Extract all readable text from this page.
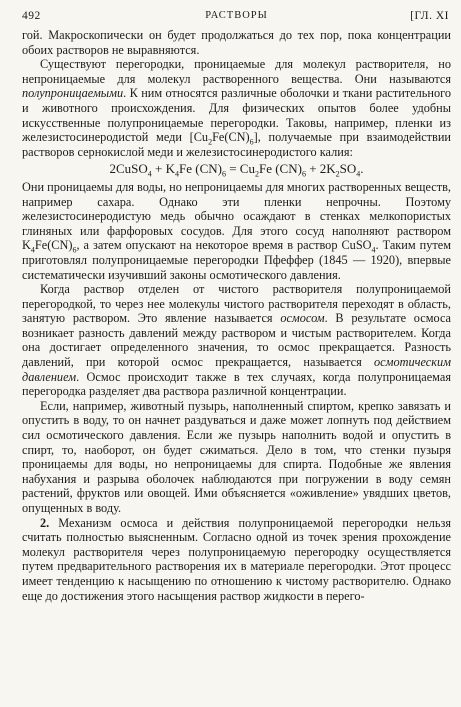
492	РАСТВОРЫ	[ГЛ. XI

гой. Макроскопически он будет продолжаться до тех пор, пока концентрации обоих растворов не выравняются.

Существуют перегородки, проницаемые для молекул растворителя, но непроницаемые для молекул растворенного вещества. Они называются полупроницаемыми. К ним относятся различные оболочки и ткани растительного и животного происхождения. Для физических опытов более удобны искусственные полупроницаемые перегородки. Таковы, например, пленки из железистосинеродистой меди $[Cu_2Fe(CN)_6]$, получаемые при взаимодействии растворов сернокислой меди и железистосинеродистого калия:

2CuSO$_4$ + $K_4Fe$ $(CN)_6 = Cu_2Fe$ $(CN)_6 + 2K_2SO_4$.

Они проницаемы для воды, но непроницаемы для многих растворенных веществ, например сахара. Однако эти пленки непрочны. Поэтому железистосинеродистую медь обычно осаждают в стенках мелкопористых глиняных или фарфоровых сосудов. Для этого сосуд наполняют раствором $K_4Fe(CN)_6$, а затем опускают на некоторое время в раствор CuSO$_4$. Таким путем приготовлял полупроницаемые перегородки Пфеффер (1845 — 1920), впервые систематически изучивший законы осмотического давления.

Когда раствор отделен от чистого растворителя полупроницаемой перегородкой, то через нее молекулы чистого растворителя переходят в область, занятую раствором. Это явление называется осмосом. В результате осмоса возникает разность давлений между раствором и чистым растворителем. Когда она достигает определенного значения, то осмос прекращается. Разность давлений, при которой осмос прекращается, называется осмотическим давлением. Осмос происходит также в тех случаях, когда полупроницаемая перегородка разделяет два раствора различной концентрации.

Если, например, животный пузырь, наполненный спиртом, крепко завязать и опустить в воду, то он начнет раздуваться и даже может лопнуть под действием сил осмотического давления. Если же пузырь наполнить водой и опустить в спирт, то, наоборот, он будет сжиматься. Дело в том, что стенки пузыря проницаемы для воды, но непроницаемы для спирта. Подобные же явления набухания и разрыва оболочек наблюдаются при погружении в воду семян растений, фруктов или овощей. Ими объясняется «оживление» увядших цветов, опущенных в воду.

2. Механизм осмоса и действия полупроницаемой перегородки нельзя считать полностью выясненным. Согласно одной из точек зрения прохождение молекул растворителя через полупроницаемую перегородку осуществляется путем предварительного растворения их в материале перегородки. Этот процесс имеет тенденцию к насыщению по отношению к чистому растворителю. Однако еще до достижения этого насыщения раствор жидкости в перего-
